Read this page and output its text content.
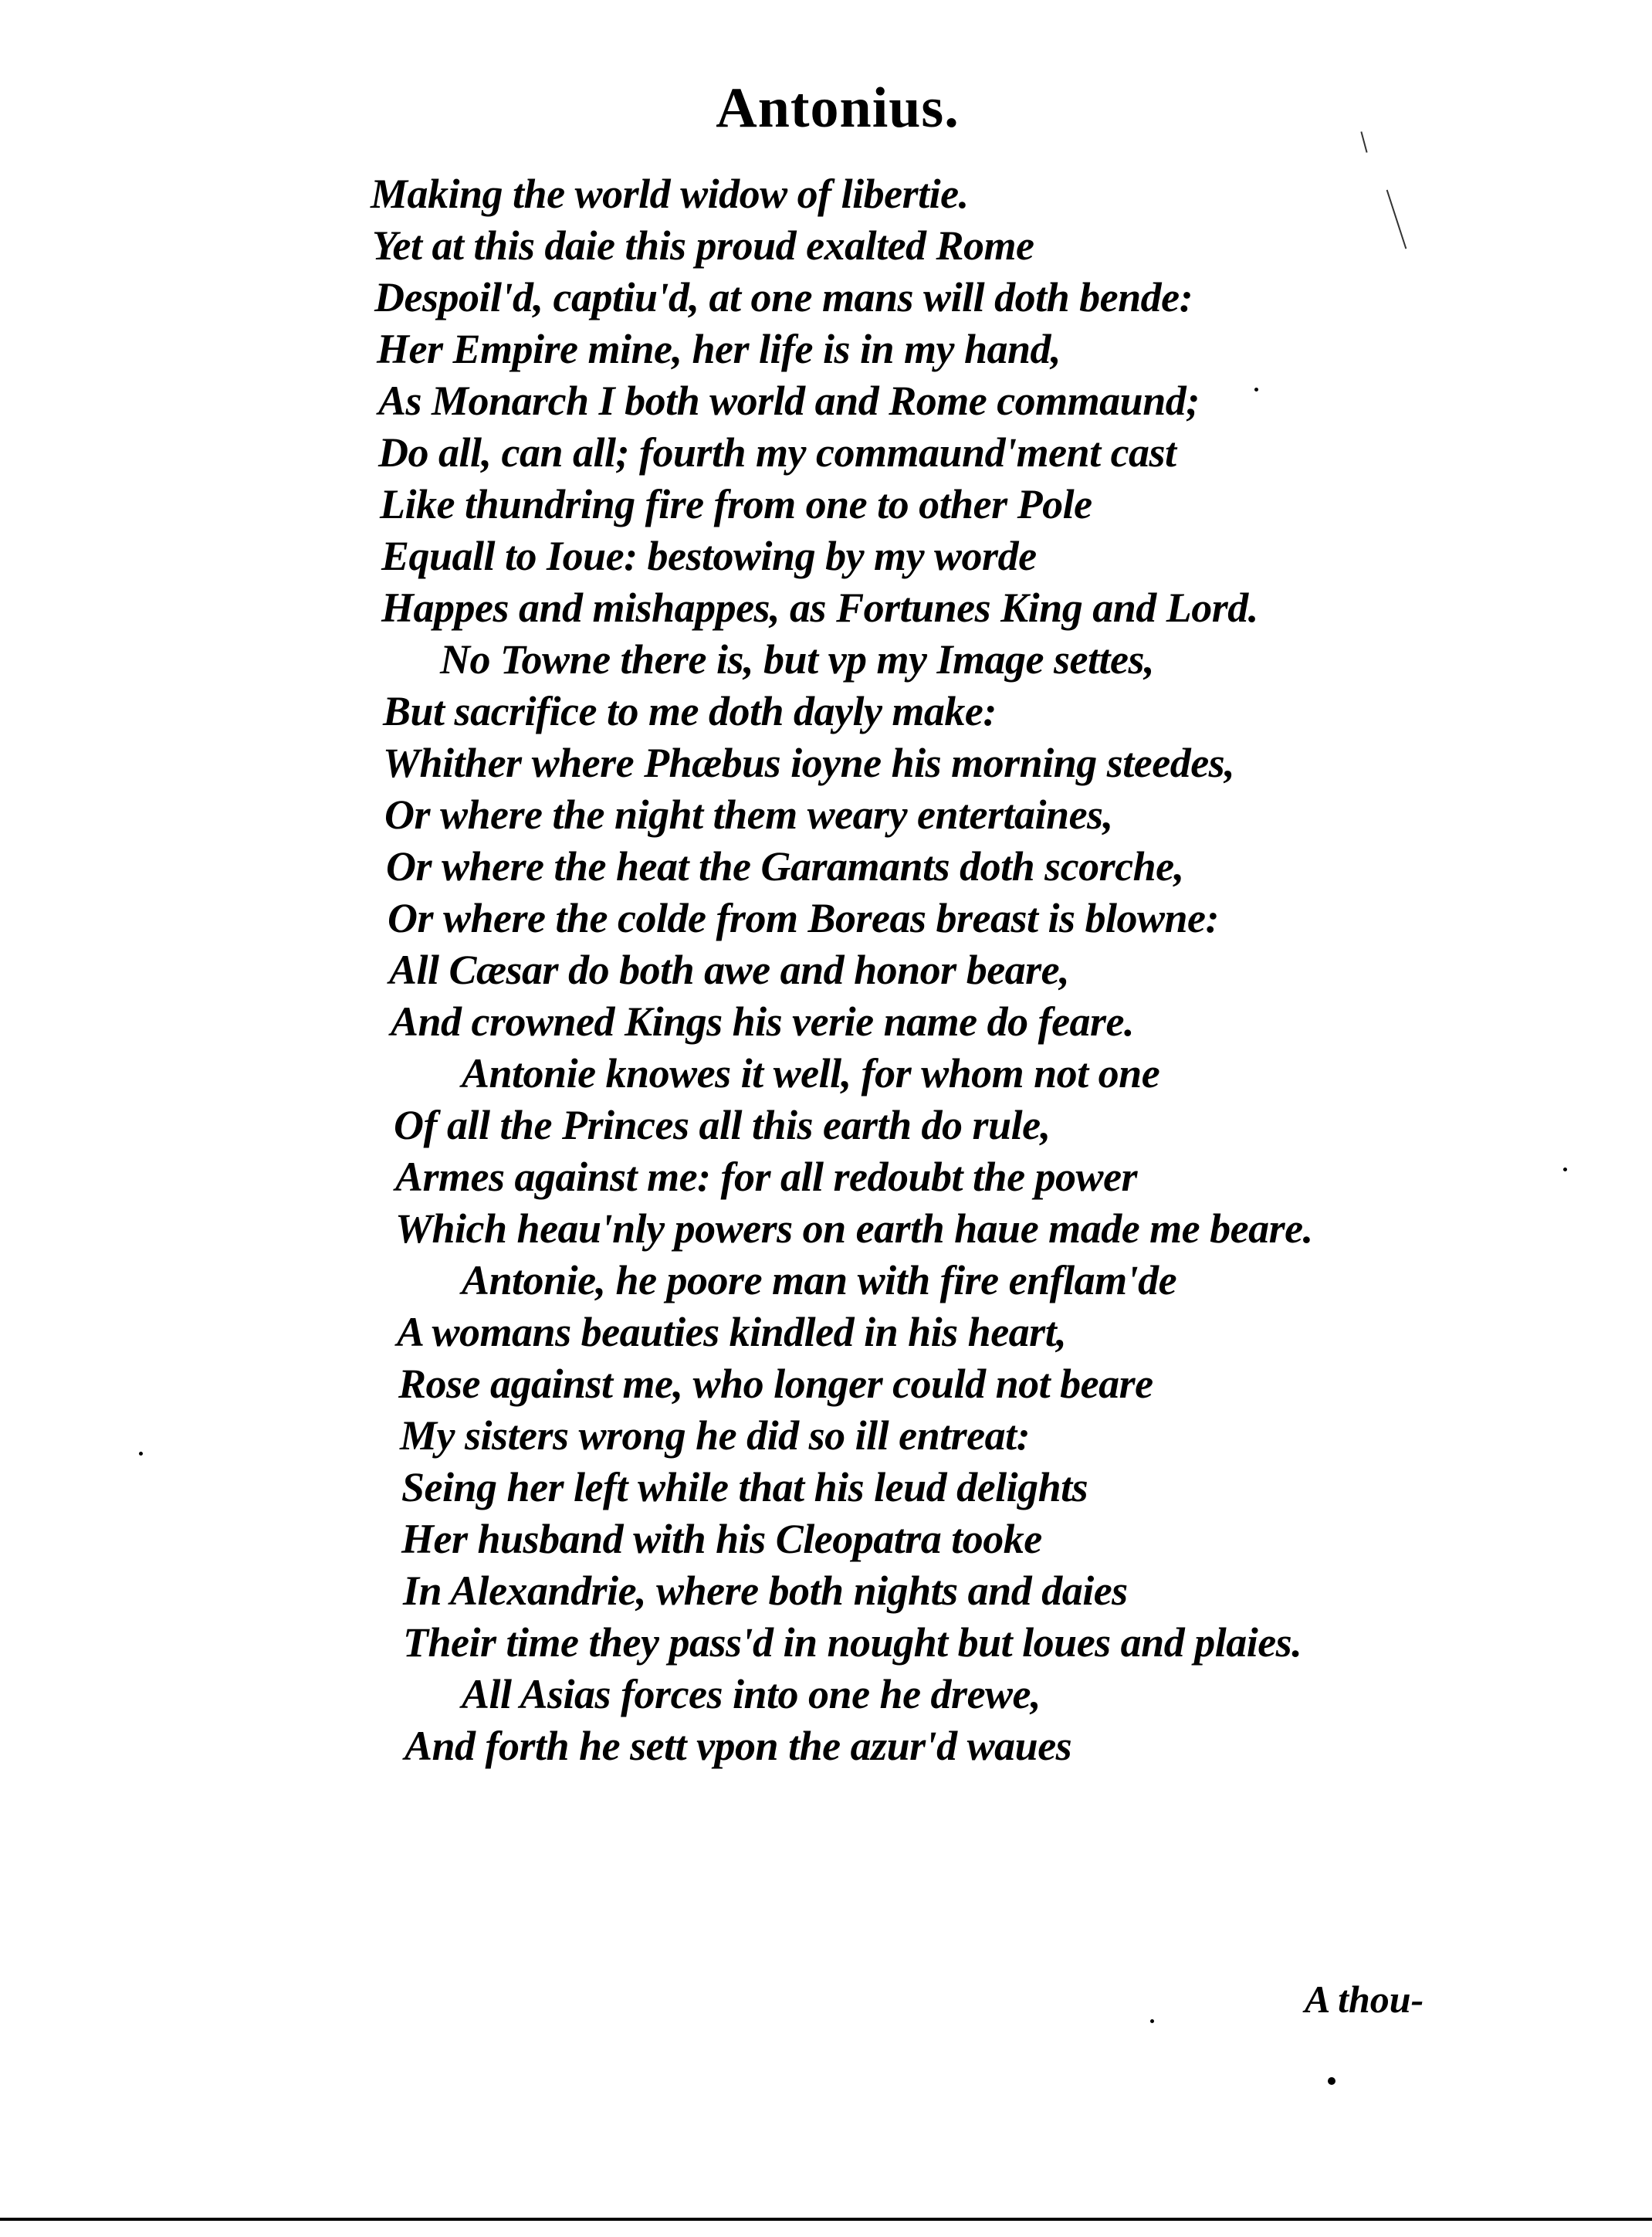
Antonius.
Making the world widow of libertie.
Yet at this daie this proud exalted Rome
Despoil'd, captiu'd, at one mans will doth bende:
Her Empire mine, her life is in my hand,
As Monarch I both world and Rome commaund;
Do all, can all; fourth my commaund'ment cast
Like thundring fire from one to other Pole
Equall to Ioue: bestowing by my worde
Happes and mishappes, as Fortunes King and Lord.
No Towne there is, but vp my Image settes,
But sacrifice to me doth dayly make:
Whither where Phæbus ioyne his morning steedes,
Or where the night them weary entertaines,
Or where the heat the Garamants doth scorche,
Or where the colde from Boreas breast is blowne:
All Cæsar do both awe and honor beare,
And crowned Kings his verie name do feare.
Antonie knowes it well, for whom not one
Of all the Princes all this earth do rule,
Armes against me: for all redoubt the power
Which heau'nly powers on earth haue made me beare.
Antonie, he poore man with fire enflam'de
A womans beauties kindled in his heart,
Rose against me, who longer could not beare
My sisters wrong he did so ill entreat:
Seing her left while that his leud delights
Her husband with his Cleopatra tooke
In Alexandrie, where both nights and daies
Their time they pass'd in nought but loues and plaies.
All Asias forces into one he drewe,
And forth he sett vpon the azur'd waues
A thou-
